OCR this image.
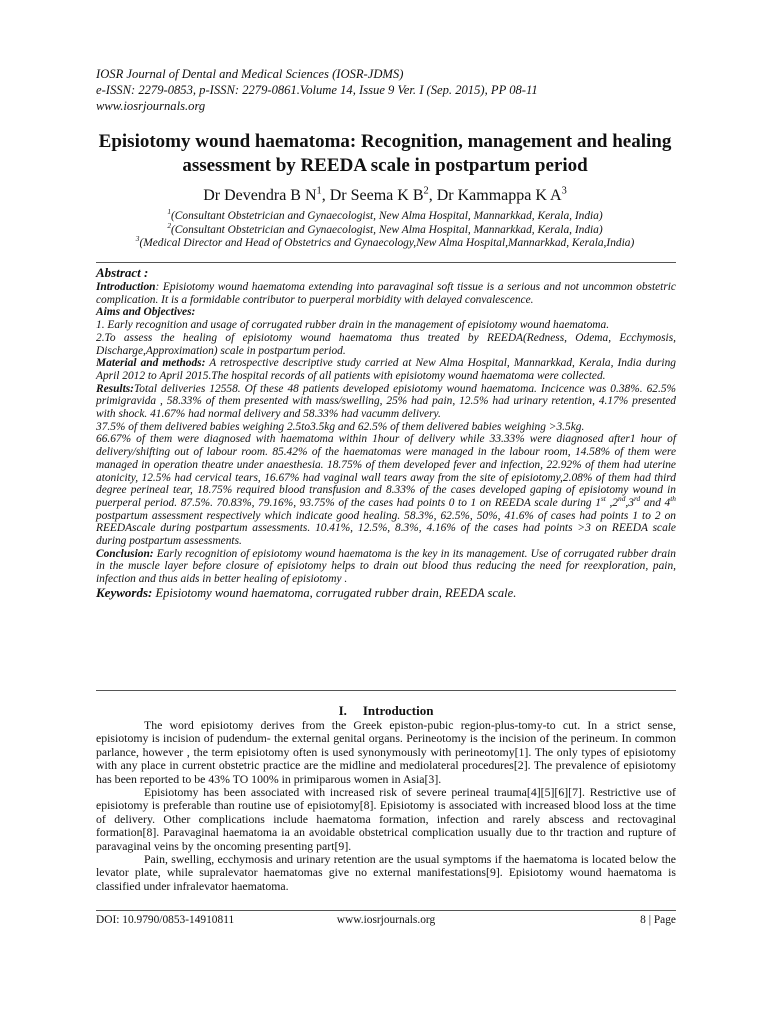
IOSR Journal of Dental and Medical Sciences (IOSR-JDMS)
e-ISSN: 2279-0853, p-ISSN: 2279-0861.Volume 14, Issue 9 Ver. I (Sep. 2015), PP 08-11
www.iosrjournals.org
Episiotomy wound haematoma: Recognition, management and healing assessment by REEDA scale in postpartum period
Dr Devendra B $N^1$, Dr Seema K $B^2$, Dr Kammappa K $A^3$
$^1$(Consultant Obstetrician and Gynaecologist, New Alma Hospital, Mannarkkad, Kerala, India)
$^2$(Consultant Obstetrician and Gynaecologist, New Alma Hospital, Mannarkkad, Kerala, India)
$^3$(Medical Director and Head of Obstetrics and Gynaecology,New Alma Hospital,Mannarkkad, Kerala,India)

Abstract :

Introduction: Episiotomy wound haematoma extending into paravaginal soft tissue is a serious and not uncommon obstetric complication. It is a formidable contributor to puerperal morbidity with delayed convalescence.

Aims and Objectives:

1. Early recognition and usage of corrugated rubber drain in the management of episiotomy wound haematoma.

2.To assess the healing of episiotomy wound haematoma thus treated by REEDA(Redness, Odema, Ecchymosis, Discharge,Approximation) scale in postpartum period.

Material and methods: A retrospective descriptive study carried at New Alma Hospital, Mannarkkad, Kerala, India during April 2012 to April 2015.The hospital records of all patients with episiotomy wound haematoma were collected.

Results:Total deliveries 12558. Of these 48 patients developed episiotomy wound haematoma. Incicence was 0.38%. 62.5% primigravida , 58.33% of them presented with mass/swelling, 25% had pain, 12.5% had urinary retention, 4.17% presented with shock. 41.67% had normal delivery and 58.33% had vacumm delivery.

37.5% of them delivered babies weighing 2.5to3.5kg and 62.5% of them delivered babies weighing >3.5kg.

66.67% of them were diagnosed with haematoma within 1hour of delivery while 33.33% were diagnosed after1 hour of delivery/shifting out of labour room. 85.42% of the haematomas were managed in the labour room, 14.58% of them were managed in operation theatre under anaesthesia. 18.75% of them developed fever and infection, 22.92% of them had uterine atonicity, 12.5% had cervical tears, 16.67% had vaginal wall tears away from the site of episiotomy,2.08% of them had third degree perineal tear, 18.75% required blood transfusion and 8.33% of the cases developed gaping of episiotomy wound in puerperal period. 87.5%. 70.83%, 79.16%, 93.75% of the cases had points 0 to 1 on REEDA scale during 1st ,2nd,3rd and 4th postpartum assessment respectively which indicate good healing. 58.3%, 62.5%, 50%, 41.6% of cases had points 1 to 2 on REEDAscale during postpartum assessments. 10.41%, 12.5%, 8.3%, 4.16% of the cases had points >3 on REEDA scale during postpartum assessments.

Conclusion: Early recognition of episiotomy wound haematoma is the key in its management. Use of corrugated rubber drain in the muscle layer before closure of episiotomy helps to drain out blood thus reducing the need for reexploration, pain, infection and thus aids in better healing of episiotomy .

Keywords: Episiotomy wound haematoma, corrugated rubber drain, REEDA scale.

I. Introduction

The word episiotomy derives from the Greek episton-pubic region-plus-tomy-to cut. In a strict sense, episiotomy is incision of pudendum- the external genital organs. Perineotomy is the incision of the perineum. In common parlance, however , the term episiotomy often is used synonymously with perineotomy[1]. The only types of episiotomy with any place in current obstetric practice are the midline and mediolateral procedures[2]. The prevalence of episiotomy has been reported to be 43% TO 100% in primiparous women in Asia[3].

Episiotomy has been associated with increased risk of severe perineal trauma[4][5][6][7]. Restrictive use of episiotomy is preferable than routine use of episiotomy[8]. Episiotomy is associated with increased blood loss at the time of delivery. Other complications include haematoma formation, infection and rarely abscess and rectovaginal formation[8]. Paravaginal haematoma ia an avoidable obstetrical complication usually due to thr traction and rupture of paravaginal veins by the oncoming presenting part[9].

Pain, swelling, ecchymosis and urinary retention are the usual symptoms if the haematoma is located below the levator plate, while supralevator haematomas give no external manifestations[9]. Episiotomy wound haematoma is classified under infralevator haematoma.

DOI: 10.9790/0853-14910811	www.iosrjournals.org	8 | Page
